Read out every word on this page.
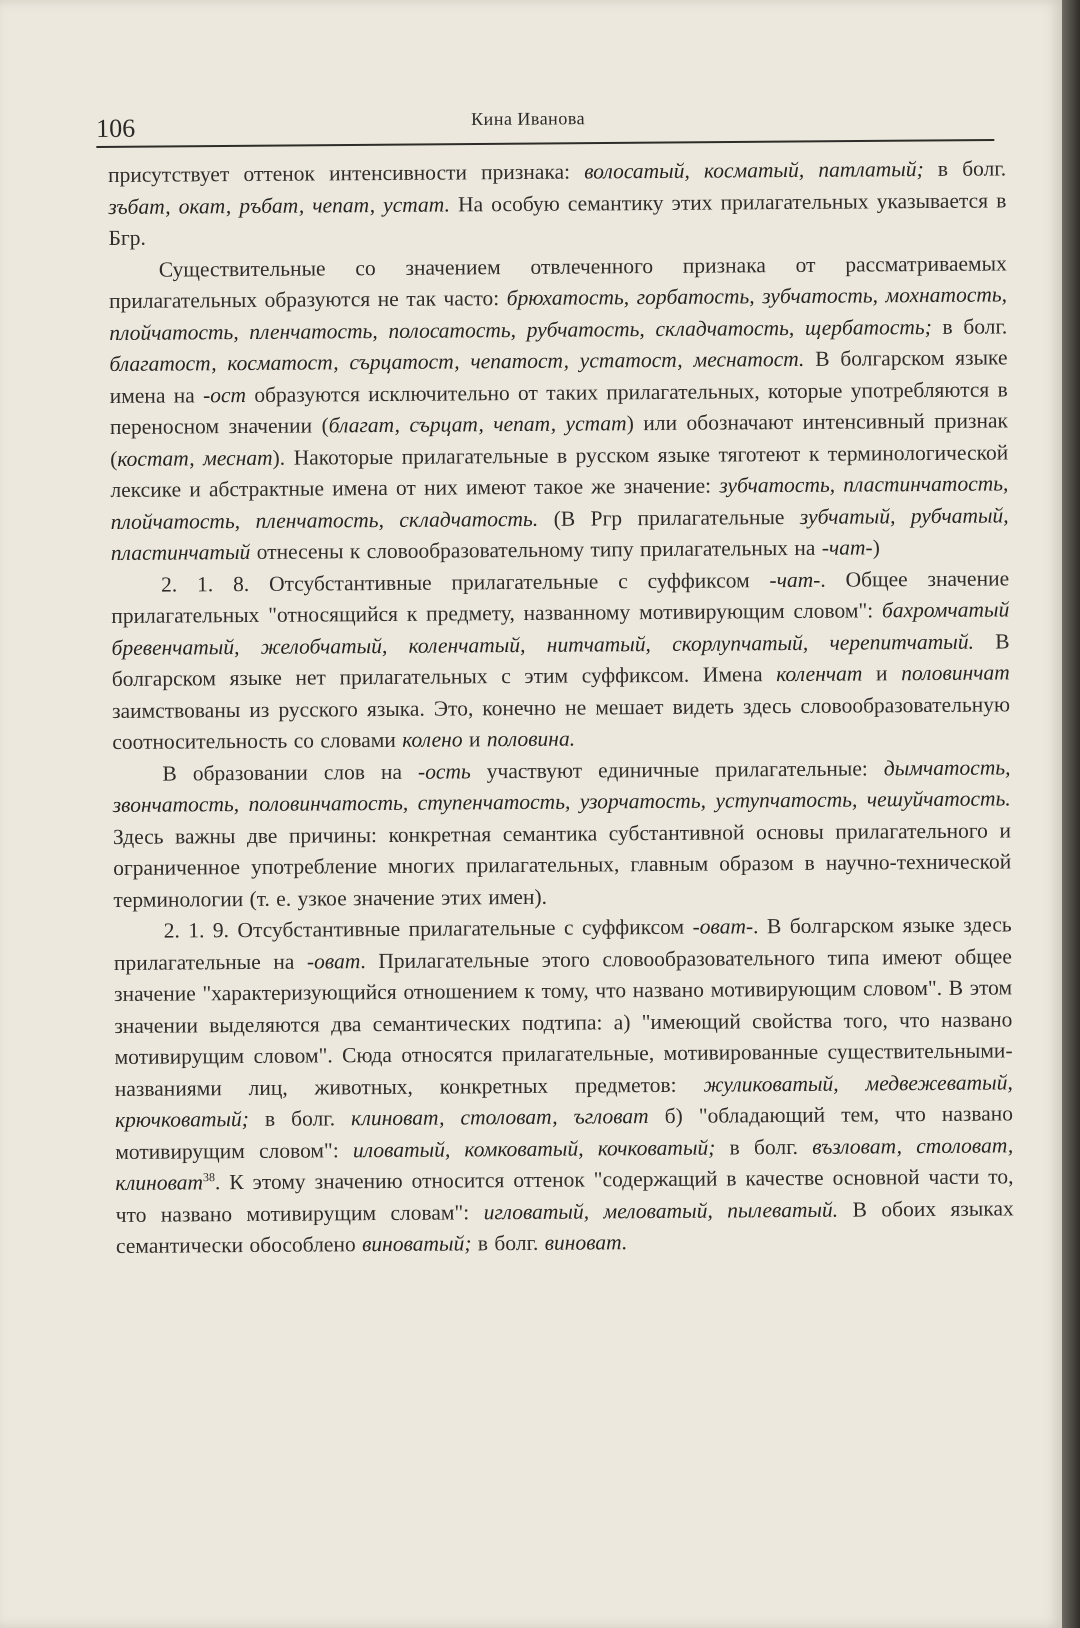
106	Кина Иванова

присутствует оттенок интенсивности признака: волосатый, косматый, патлатый; в болг. зъбат, окат, ръбат, чепат, устат. На особую семантику этих прилагательных указывается в Бгр.

Существительные со значением отвлеченного признака от рассматриваемых прилагательных образуются не так часто: брюхатость, горбатость, зубчатость, мохнатость, плойчатость, пленчатость, полосатость, рубчатость, складчатость, щербатость; в болг. благатост, косматост, сърцатост, чепатост, устатост, меснатост. В болгарском языке имена на -ост образуются исключительно от таких прилагательных, которые употребляются в переносном значении (благат, сърцат, чепат, устат) или обозначают интенсивный признак (косmат, меснат). Накоторые прилагательные в русском языке тяготеют к терминологической лексике и абстрактные имена от них имеют такое же значение: зубчатость, пластинчатость, плойчатость, пленчатость, складчатость. (В Ргр прилагательные зубчатый, рубчатый, пластинчатый отнесены к словообразовательному типу прилагательных на -чат-)

2. 1. 8. Отсубстантивные прилагательные с суффиксом -чат-. Общее значение прилагательных "относящийся к предмету, названному мотивирующим словом": бахромчатый бревенчатый, желобчатый, коленчатый, нитчатый, скорлупчатый, черепитчатый. В болгарском языке нет прилагательных с этим суффиксом. Имена коленчат и половинчат заимствованы из русского языка. Это, конечно не мешает видеть здесь словообразовательную соотносительность со словами колено и половина.

В образовании слов на -ость участвуют единичные прилагательные: дымчатость, звончатость, половинчатость, ступенчатость, узорчатость, уступчатость, чешуйчатость. Здесь важны две причины: конкретная семантика субстантивной основы прилагательного и ограниченное употребление многих прилагательных, главным образом в научно-технической терминологии (т. е. узкое значение этих имен).

2. 1. 9. Отсубстантивные прилагательные с суффиксом -оват-. В болгарском языке здесь прилагательные на -оват. Прилагательные этого словообразовательного типа имеют общее значение "характеризующийся отношением к тому, что названо мотивирующим словом". В этом значении выделяются два семантических подтипа: а) "имеющий свойства того, что названо мотивирущим словом". Сюда относятся прилагательные, мотивированные существительными-названиями лиц, животных, конкретных предметов: жуликоватый, медвежеватый, крючковатый; в болг. клиноват, столоват, ъгловат б) "обладающий тем, что названо мотивирущим словом": иловатый, комковатый, кочковатый; в болг. възловат, столоват, клиноват$^{38}$. К этому значению относится оттенок "содержащий в качестве основной части то, что названо мотивирущим словам": игловатый, меловатый, пылеватый. В обоих языках семантически обособлено виноватый; в болг. виноват.
